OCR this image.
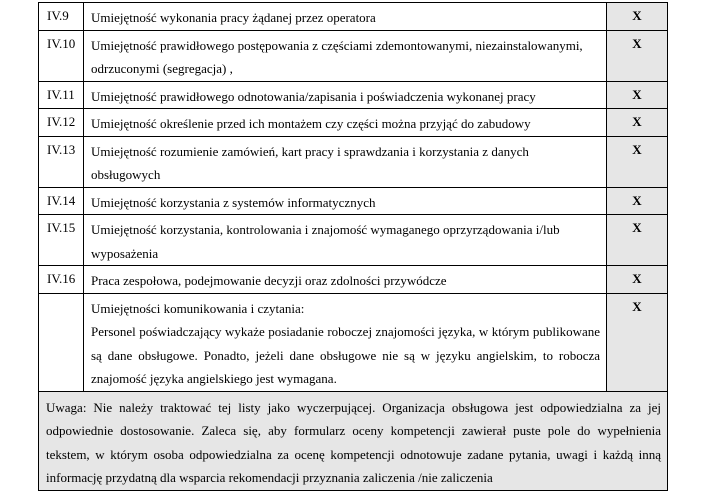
IV.9	Umiejętność wykonania pracy żądanej przez operatora	X
IV.10	Umiejętność prawidłowego postępowania z częściami zdemontowanymi, niezainstalowanymi, odrzuconymi (segregacja) ,	X
IV.11	Umiejętność prawidłowego odnotowania/zapisania i poświadczenia wykonanej pracy	X
IV.12	Umiejętność określenie przed ich montażem czy części można przyjąć do zabudowy	X
IV.13	Umiejętność rozumienie zamówień, kart pracy i sprawdzania i korzystania z danych obsługowych	X
IV.14	Umiejętność korzystania z systemów informatycznych	X
IV.15	Umiejętność korzystania, kontrolowania i znajomość wymaganego oprzyrządowania i/lub wyposażenia	X
IV.16	Praca zespołowa, podejmowanie decyzji oraz zdolności przywódcze	X

	Umiejętności komunikowania i czytania:
Personel poświadczający wykaże posiadanie roboczej znajomości języka, w którym publikowane są dane obsługowe. Ponadto, jeżeli dane obsługowe nie są w języku angielskim, to robocza znajomość języka angielskiego jest wymagana.	X
Uwaga: Nie należy traktować tej listy jako wyczerpującej. Organizacja obsługowa jest odpowiedzialna za jej odpowiednie dostosowanie. Zaleca się, aby formularz oceny kompetencji zawierał puste pole do wypełnienia tekstem, w którym osoba odpowiedzialna za ocenę kompetencji odnotowuje zadane pytania, uwagi i każdą inną informację przydatną dla wsparcia rekomendacji przyznania zaliczenia /nie zaliczenia		
